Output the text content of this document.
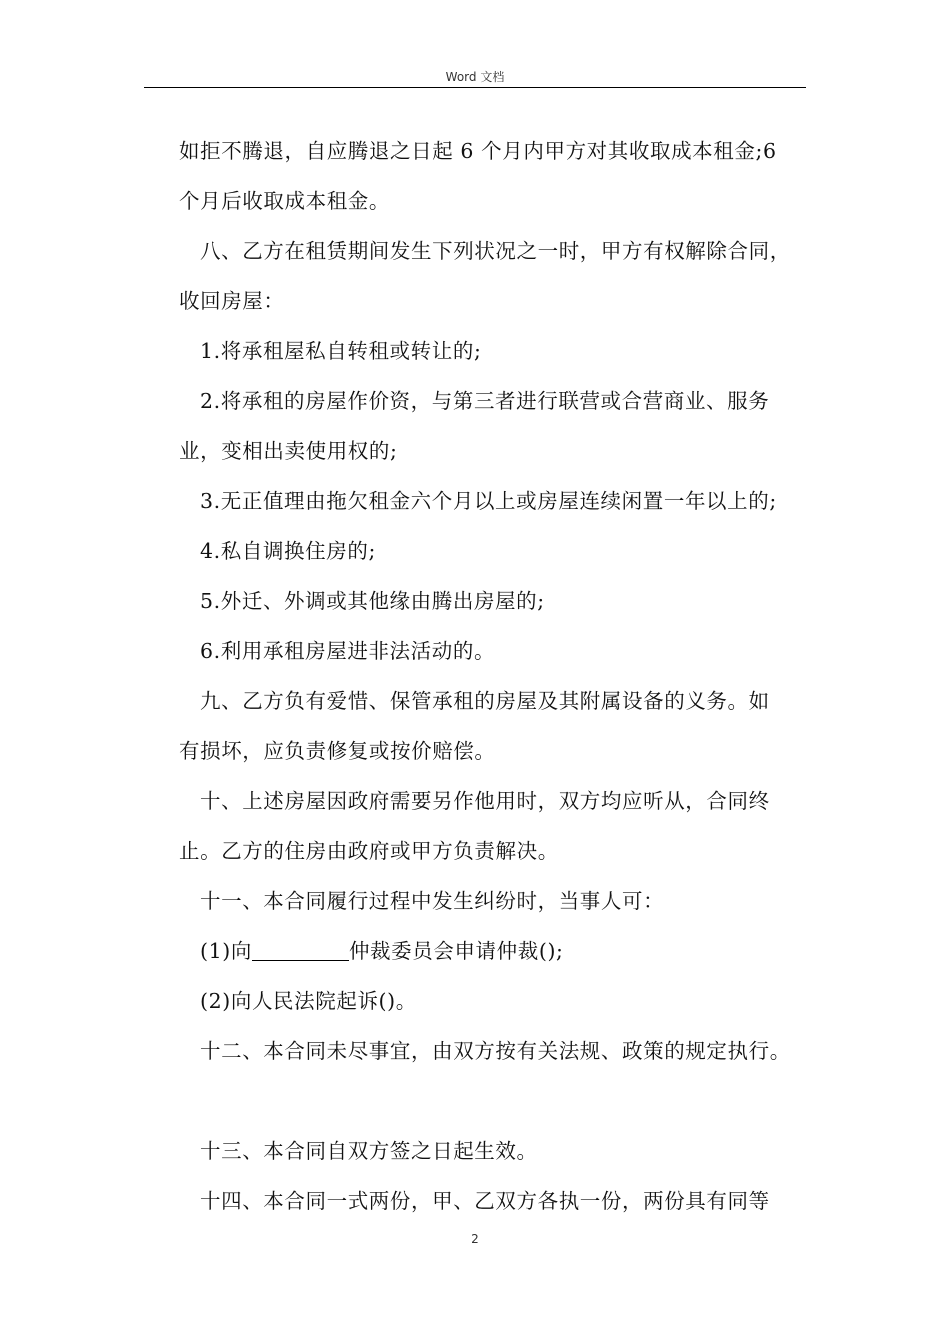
Word 文档
如拒不腾退，自应腾退之日起 6 个月内甲方对其收取成本租金;6
个月后收取成本租金。
八、乙方在租赁期间发生下列状况之一时，甲方有权解除合同，
收回房屋：
1.将承租屋私自转租或转让的;
2.将承租的房屋作价资，与第三者进行联营或合营商业、服务
业，变相出卖使用权的;
3.无正值理由拖欠租金六个月以上或房屋连续闲置一年以上的;
4.私自调换住房的;
5.外迁、外调或其他缘由腾出房屋的;
6.利用承租房屋进非法活动的。
九、乙方负有爱惜、保管承租的房屋及其附属设备的义务。如
有损坏，应负责修复或按价赔偿。
十、上述房屋因政府需要另作他用时，双方均应听从，合同终
止。乙方的住房由政府或甲方负责解决。
十一、本合同履行过程中发生纠纷时，当事人可：
(1)向	仲裁委员会申请仲裁();
(2)向人民法院起诉()。
十二、本合同未尽事宜，由双方按有关法规、政策的规定执行。
十三、本合同自双方签之日起生效。
十四、本合同一式两份，甲、乙双方各执一份，两份具有同等
2
